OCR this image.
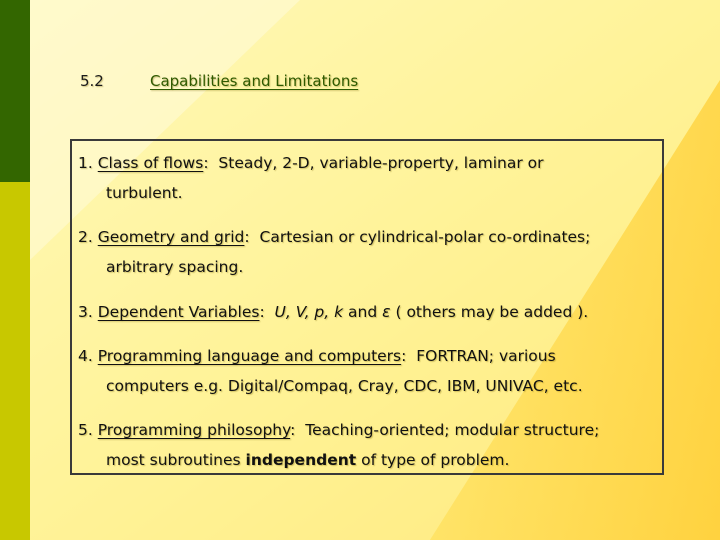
5.2	Capabilities and Limitations
1. Class of flows: Steady, 2-D, variable-property, laminar or
turbulent.
2. Geometry and grid: Cartesian or cylindrical-polar co-ordinates;
arbitrary spacing.
3. Dependent Variables: U, V, p, k and ε ( others may be added ).
4. Programming language and computers: FORTRAN; various
computers e.g. Digital/Compaq, Cray, CDC, IBM, UNIVAC, etc.
5. Programming philosophy: Teaching-oriented; modular structure;
most subroutines independent of type of problem.
